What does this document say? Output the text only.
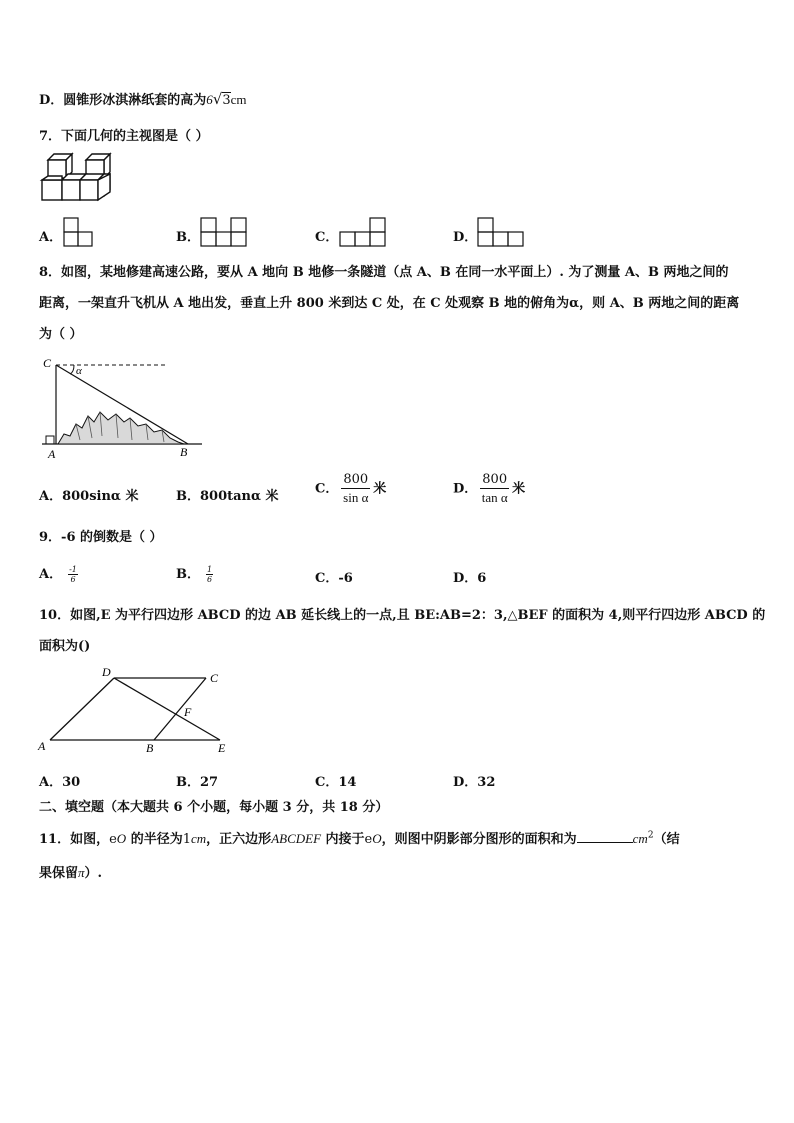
D．圆锥形冰淇淋纸套的高为6√3cm
7．下面几何的主视图是（ ）
A．	B．	C．	D．
8．如图，某地修建高速公路，要从 A 地向 B 地修一条隧道（点 A、B 在同一水平面上）. 为了测量 A、B 两地之间的
距离，一架直升飞机从 A 地出发，垂直上升 800 米到达 C 处，在 C 处观察 B 地的俯角为α，则 A、B 两地之间的距离
为（ ）
C
α
A	B
A．800sinα 米	B．800tanα 米	C． $\frac{800}{\text{sin α}}$ 米	D． $\frac{800}{\text{tan α}}$ 米
9．-6 的倒数是（ ）
A． $\frac{-1}{6}$	B． $\frac{1}{6}$	C．-6	D．6
10．如图,E 为平行四边形 ABCD 的边 AB 延长线上的一点,且 BE:AB=2：3,△BEF 的面积为 4,则平行四边形 ABCD 的
面积为()
D	C
F
A	B	E
A．30	B．27	C．14	D．32
二、填空题（本大题共 6 个小题，每小题 3 分，共 18 分）
11．如图，eO 的半径为1cm，正六边形ABCDEF 内接于eO，则图中阴影部分图形的面积和为	$cm^2$（结
果保留π）.
